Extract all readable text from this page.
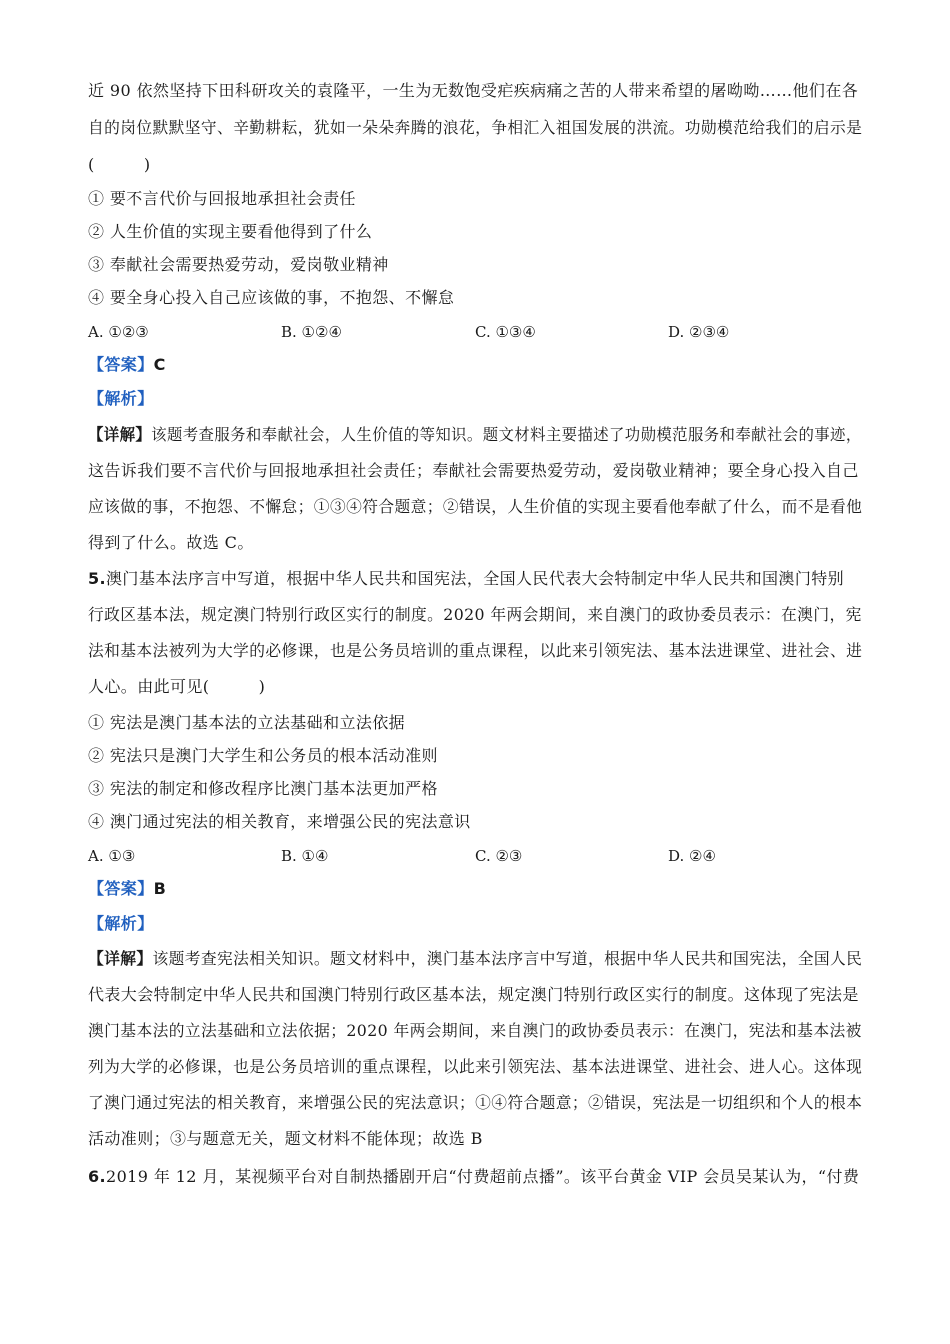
近 90 依然坚持下田科研攻关的袁隆平，一生为无数饱受疟疾病痛之苦的人带来希望的屠呦呦……他们在各
自的岗位默默坚守、辛勤耕耘，犹如一朵朵奔腾的浪花，争相汇入祖国发展的洪流。功勋模范给我们的启示是
(　　　)
① 要不言代价与回报地承担社会责任
② 人生价值的实现主要看他得到了什么
③ 奉献社会需要热爱劳动，爱岗敬业精神
④ 要全身心投入自己应该做的事，不抱怨、不懈怠
A. ①②③	B. ①②④	C. ①③④	D. ②③④
【答案】C
【解析】
【详解】该题考查服务和奉献社会，人生价值的等知识。题文材料主要描述了功勋模范服务和奉献社会的事迹，
这告诉我们要不言代价与回报地承担社会责任；奉献社会需要热爱劳动，爱岗敬业精神；要全身心投入自己
应该做的事，不抱怨、不懈怠；①③④符合题意；②错误，人生价值的实现主要看他奉献了什么，而不是看他
得到了什么。故选 C。
5.澳门基本法序言中写道，根据中华人民共和国宪法，全国人民代表大会特制定中华人民共和国澳门特别
行政区基本法，规定澳门特别行政区实行的制度。2020 年两会期间，来自澳门的政协委员表示：在澳门，宪
法和基本法被列为大学的必修课，也是公务员培训的重点课程，以此来引领宪法、基本法进课堂、进社会、进
人心。由此可见(　　　)
① 宪法是澳门基本法的立法基础和立法依据
② 宪法只是澳门大学生和公务员的根本活动准则
③ 宪法的制定和修改程序比澳门基本法更加严格
④ 澳门通过宪法的相关教育，来增强公民的宪法意识
A. ①③	B. ①④	C. ②③	D. ②④
【答案】B
【解析】
【详解】该题考查宪法相关知识。题文材料中，澳门基本法序言中写道，根据中华人民共和国宪法，全国人民
代表大会特制定中华人民共和国澳门特别行政区基本法，规定澳门特别行政区实行的制度。这体现了宪法是
澳门基本法的立法基础和立法依据；2020 年两会期间，来自澳门的政协委员表示：在澳门，宪法和基本法被
列为大学的必修课，也是公务员培训的重点课程，以此来引领宪法、基本法进课堂、进社会、进人心。这体现
了澳门通过宪法的相关教育，来增强公民的宪法意识；①④符合题意；②错误，宪法是一切组织和个人的根本
活动准则；③与题意无关，题文材料不能体现；故选 B
6.2019 年 12 月，某视频平台对自制热播剧开启“付费超前点播”。该平台黄金 VIP 会员吴某认为，“付费
